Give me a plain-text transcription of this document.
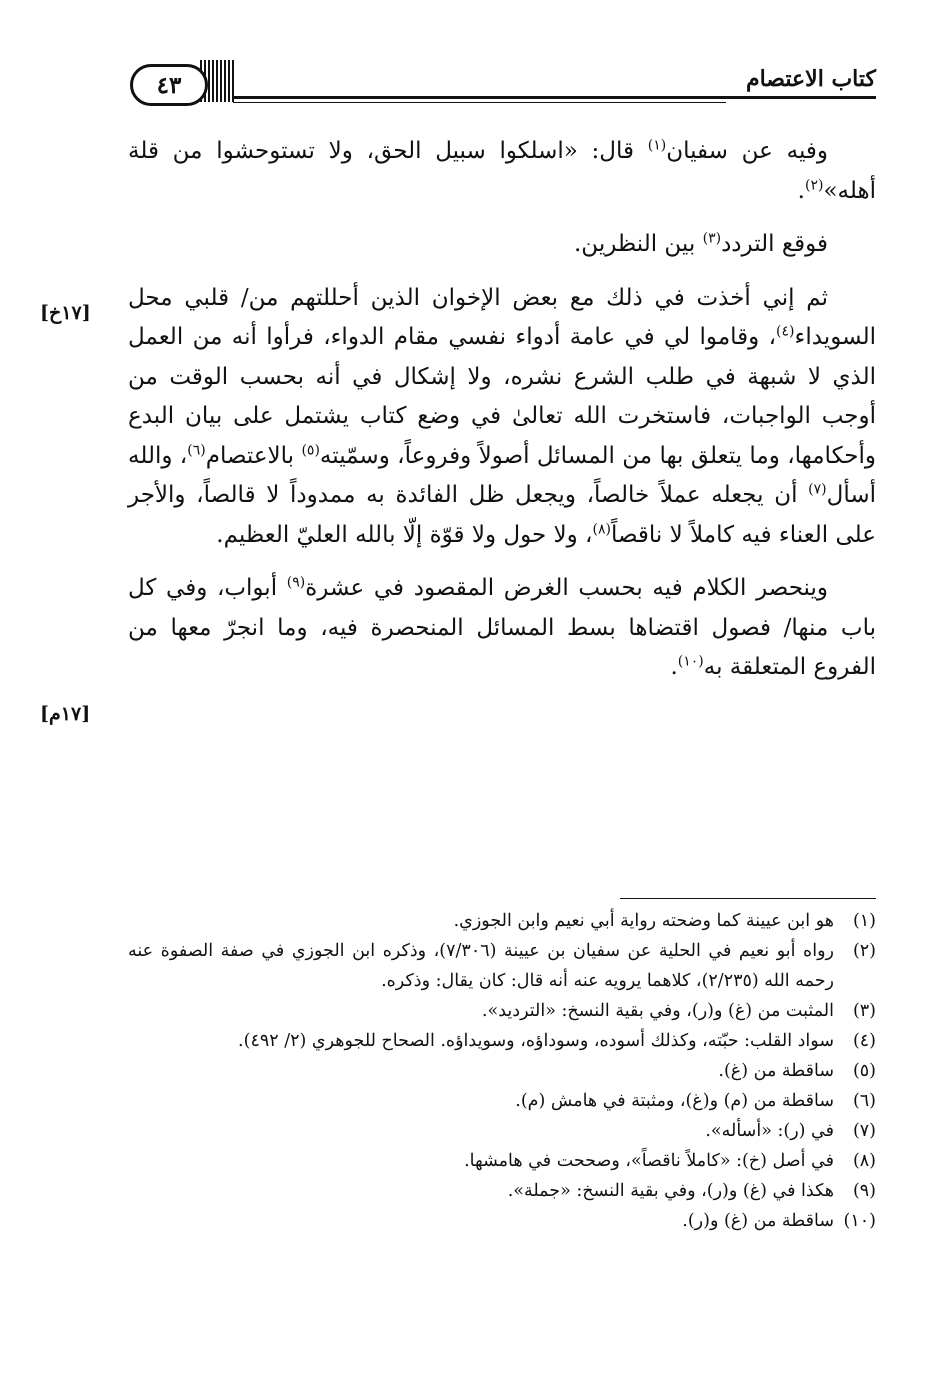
٤٣	كتاب الاعتصام

وفيه عن سفيان$^{(١)}$ قال: «اسلكوا سبيل الحق، ولا تستوحشوا من قلة أهله»$^{(٢)}$.

فوقع التردد$^{(٣)}$ بين النظرين.

ثم إني أخذت في ذلك مع بعض الإخوان الذين أحللتهم من/ قلبي محل السويداء$^{(٤)}$، وقاموا لي في عامة أدواء نفسي مقام الدواء، فرأوا أنه من العمل الذي لا شبهة في طلب الشرع نشره، ولا إشكال في أنه بحسب الوقت من أوجب الواجبات، فاستخرت الله تعالىٰ في وضع كتاب يشتمل على بيان البدع وأحكامها، وما يتعلق بها من المسائل أصولاً وفروعاً، وسمّيته$^{(٥)}$ بالاعتصام$^{(٦)}$، والله أسأل$^{(٧)}$ أن يجعله عملاً خالصاً، ويجعل ظل الفائدة به ممدوداً لا قالصاً، والأجر على العناء فيه كاملاً لا ناقصاً$^{(٨)}$، ولا حول ولا قوّة إلّا بالله العليّ العظيم.

وينحصر الكلام فيه بحسب الغرض المقصود في عشرة$^{(٩)}$ أبواب، وفي كل باب منها/ فصول اقتضاها بسط المسائل المنحصرة فيه، وما انجرّ معها من الفروع المتعلقة به$^{(١٠)}$.

[١٧خ]
[١٧م]
(١)
هو ابن عيينة كما وضحته رواية أبي نعيم وابن الجوزي.
(٢)
رواه أبو نعيم في الحلية عن سفيان بن عيينة (٧/٣٠٦)، وذكره ابن الجوزي في صفة الصفوة عنه رحمه الله (٢/٢٣٥)، كلاهما يرويه عنه أنه قال: كان يقال: وذكره.
(٣)
المثبت من (غ) و(ر)، وفي بقية النسخ: «الترديد».
(٤)
سواد القلب: حبّته، وكذلك أسوده، وسوداؤه، وسويداؤه. الصحاح للجوهري (٢/ ٤٩٢).
(٥)
ساقطة من (غ).
(٦)
ساقطة من (م) و(غ)، ومثبتة في هامش (م).
(٧)
في (ر): «أسأله».
(٨)
في أصل (خ): «كاملاً ناقصاً»، وصححت في هامشها.
(٩)
هكذا في (غ) و(ر)، وفي بقية النسخ: «جملة».
(١٠)
ساقطة من (غ) و(ر).
